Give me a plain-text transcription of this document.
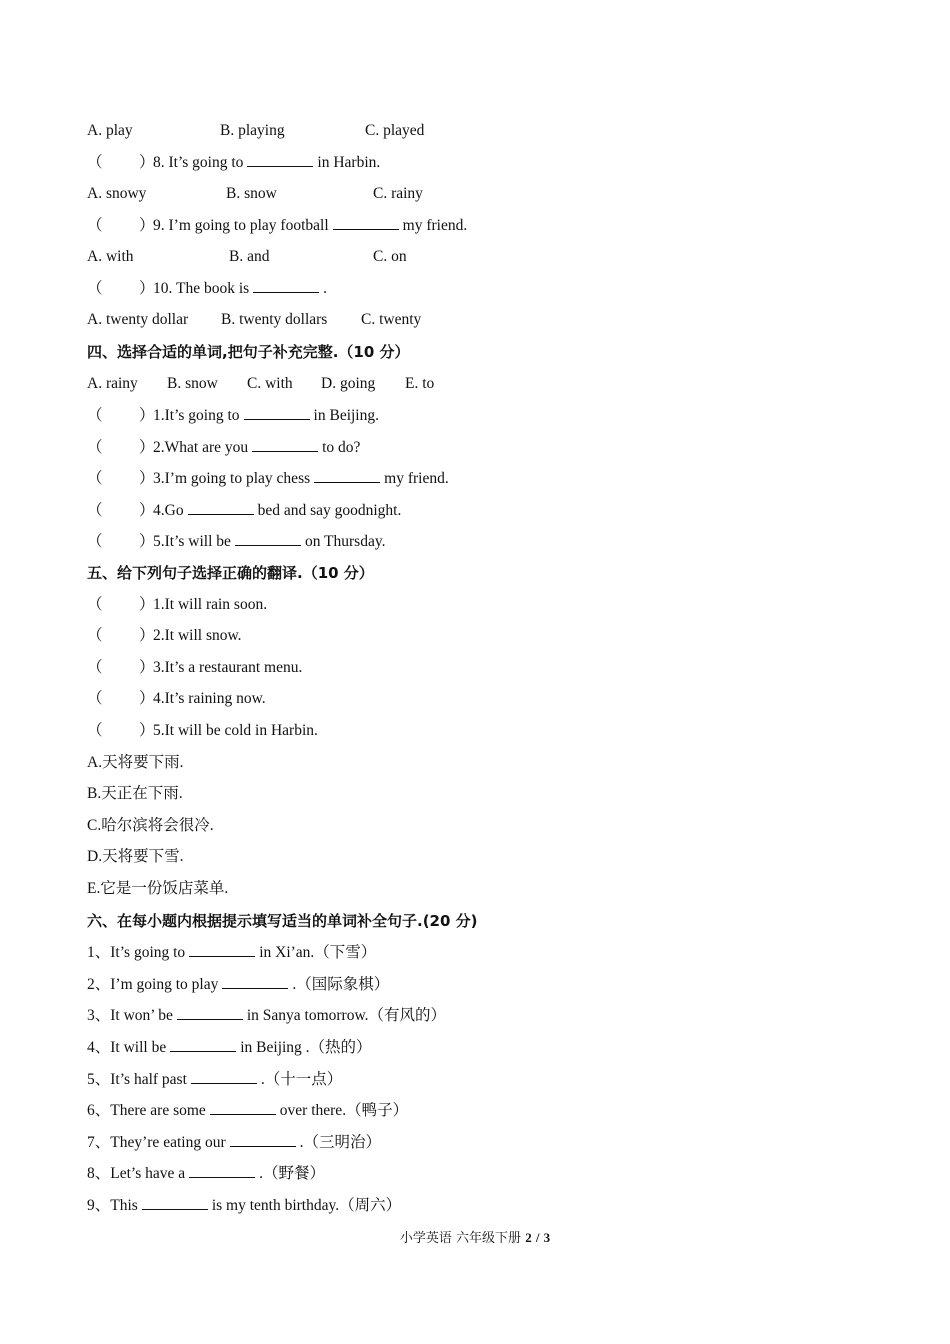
A. play	B. playing	C. played
（ ）8. It’s going to	in Harbin.
A. snowy	B. snow	C. rainy
（ ）9. I’m going to play football	my friend.
A. with	B. and	C. on
（ ）10. The book is	.
A. twenty dollar B. twenty dollars C. twenty
四、选择合适的单词,把句子补充完整.（10 分）
A. rainy B. snow C. with D. going E. to
（ ）1.It’s going to	in Beijing.
（ ）2.What are you	to do?
（ ）3.I’m going to play chess	my friend.
（ ）4.Go	bed and say goodnight.
（ ）5.It’s will be	on Thursday.
五、给下列句子选择正确的翻译.（10 分）
（ ）1.It will rain soon.
（ ）2.It will snow.
（ ）3.It’s a restaurant menu.
（ ）4.It’s raining now.
（ ）5.It will be cold in Harbin.
A.天将要下雨.
B.天正在下雨.
C.哈尔滨将会很冷.
D.天将要下雪.
E.它是一份饭店菜单.
六、在每小题内根据提示填写适当的单词补全句子.(20 分)
1、It’s going to	in Xi’an.（下雪）
2、I’m going to play	.（国际象棋）
3、It won’ be	in Sanya tomorrow.（有风的）
4、It will be	in Beijing .（热的）
5、It’s half past	.（十一点）
6、There are some	over there.（鸭子）
7、They’re eating our	.（三明治）
8、Let’s have a	.（野餐）
9、This	is my tenth birthday.（周六）
小学英语 六年级下册 2 / 3
